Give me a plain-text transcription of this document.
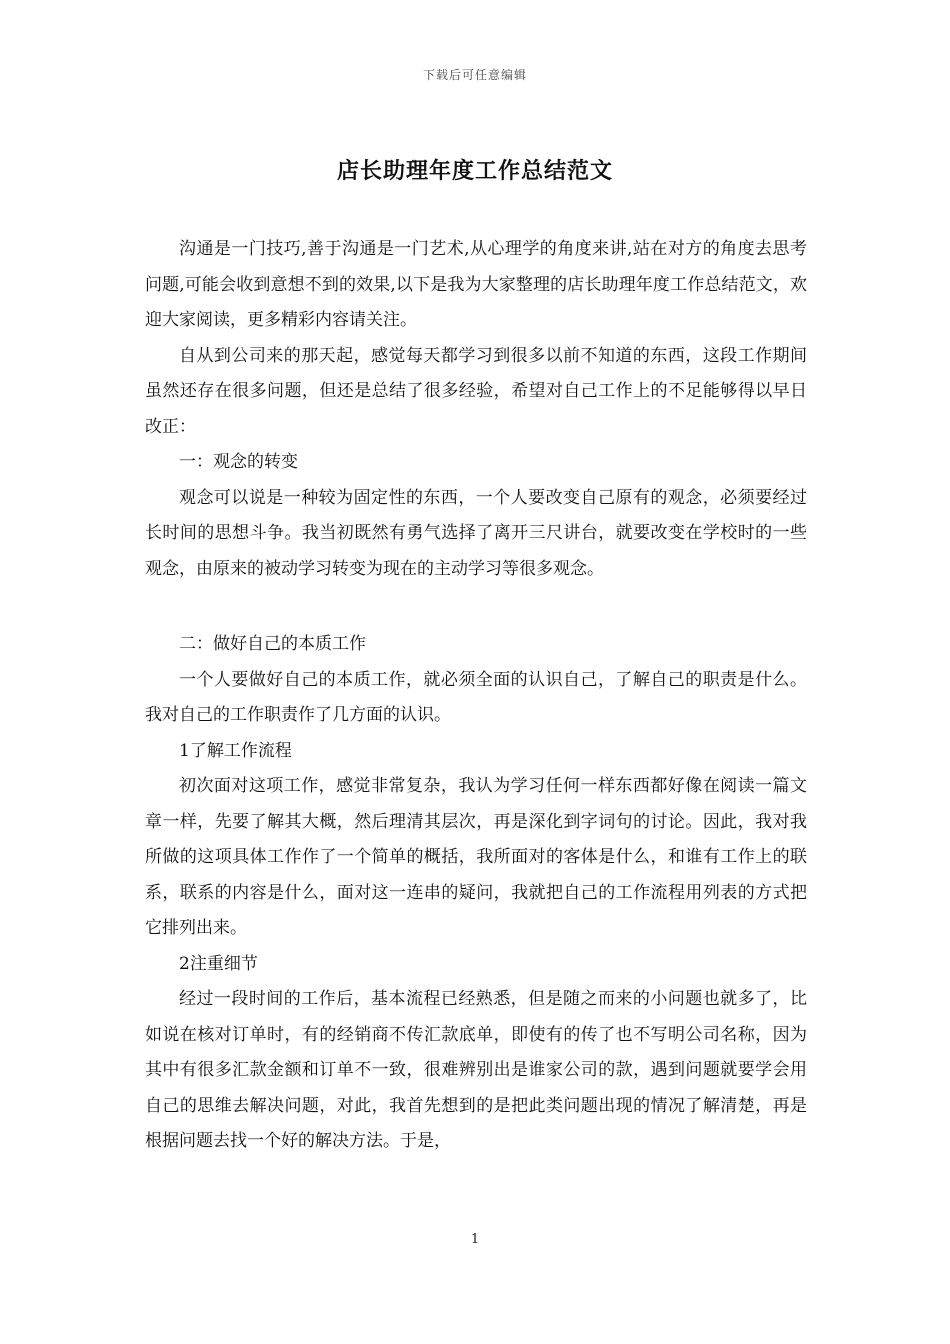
下载后可任意编辑
店长助理年度工作总结范文

沟通是一门技巧,善于沟通是一门艺术,从心理学的角度来讲,站在对方的角度去思考问题,可能会收到意想不到的效果,以下是我为大家整理的店长助理年度工作总结范文，欢迎大家阅读，更多精彩内容请关注。

自从到公司来的那天起，感觉每天都学习到很多以前不知道的东西，这段工作期间虽然还存在很多问题，但还是总结了很多经验，希望对自己工作上的不足能够得以早日改正：

一：观念的转变

观念可以说是一种较为固定性的东西，一个人要改变自己原有的观念，必须要经过长时间的思想斗争。我当初既然有勇气选择了离开三尺讲台，就要改变在学校时的一些观念，由原来的被动学习转变为现在的主动学习等很多观念。

二：做好自己的本质工作

一个人要做好自己的本质工作，就必须全面的认识自己，了解自己的职责是什么。我对自己的工作职责作了几方面的认识。

1了解工作流程

初次面对这项工作，感觉非常复杂，我认为学习任何一样东西都好像在阅读一篇文章一样，先要了解其大概，然后理清其层次，再是深化到字词句的讨论。因此，我对我所做的这项具体工作作了一个简单的概括，我所面对的客体是什么，和谁有工作上的联系，联系的内容是什么，面对这一连串的疑问，我就把自己的工作流程用列表的方式把它排列出来。

2注重细节

经过一段时间的工作后，基本流程已经熟悉，但是随之而来的小问题也就多了，比如说在核对订单时，有的经销商不传汇款底单，即使有的传了也不写明公司名称，因为其中有很多汇款金额和订单不一致，很难辨别出是谁家公司的款，遇到问题就要学会用自己的思维去解决问题，对此，我首先想到的是把此类问题出现的情况了解清楚，再是根据问题去找一个好的解决方法。于是，

1
